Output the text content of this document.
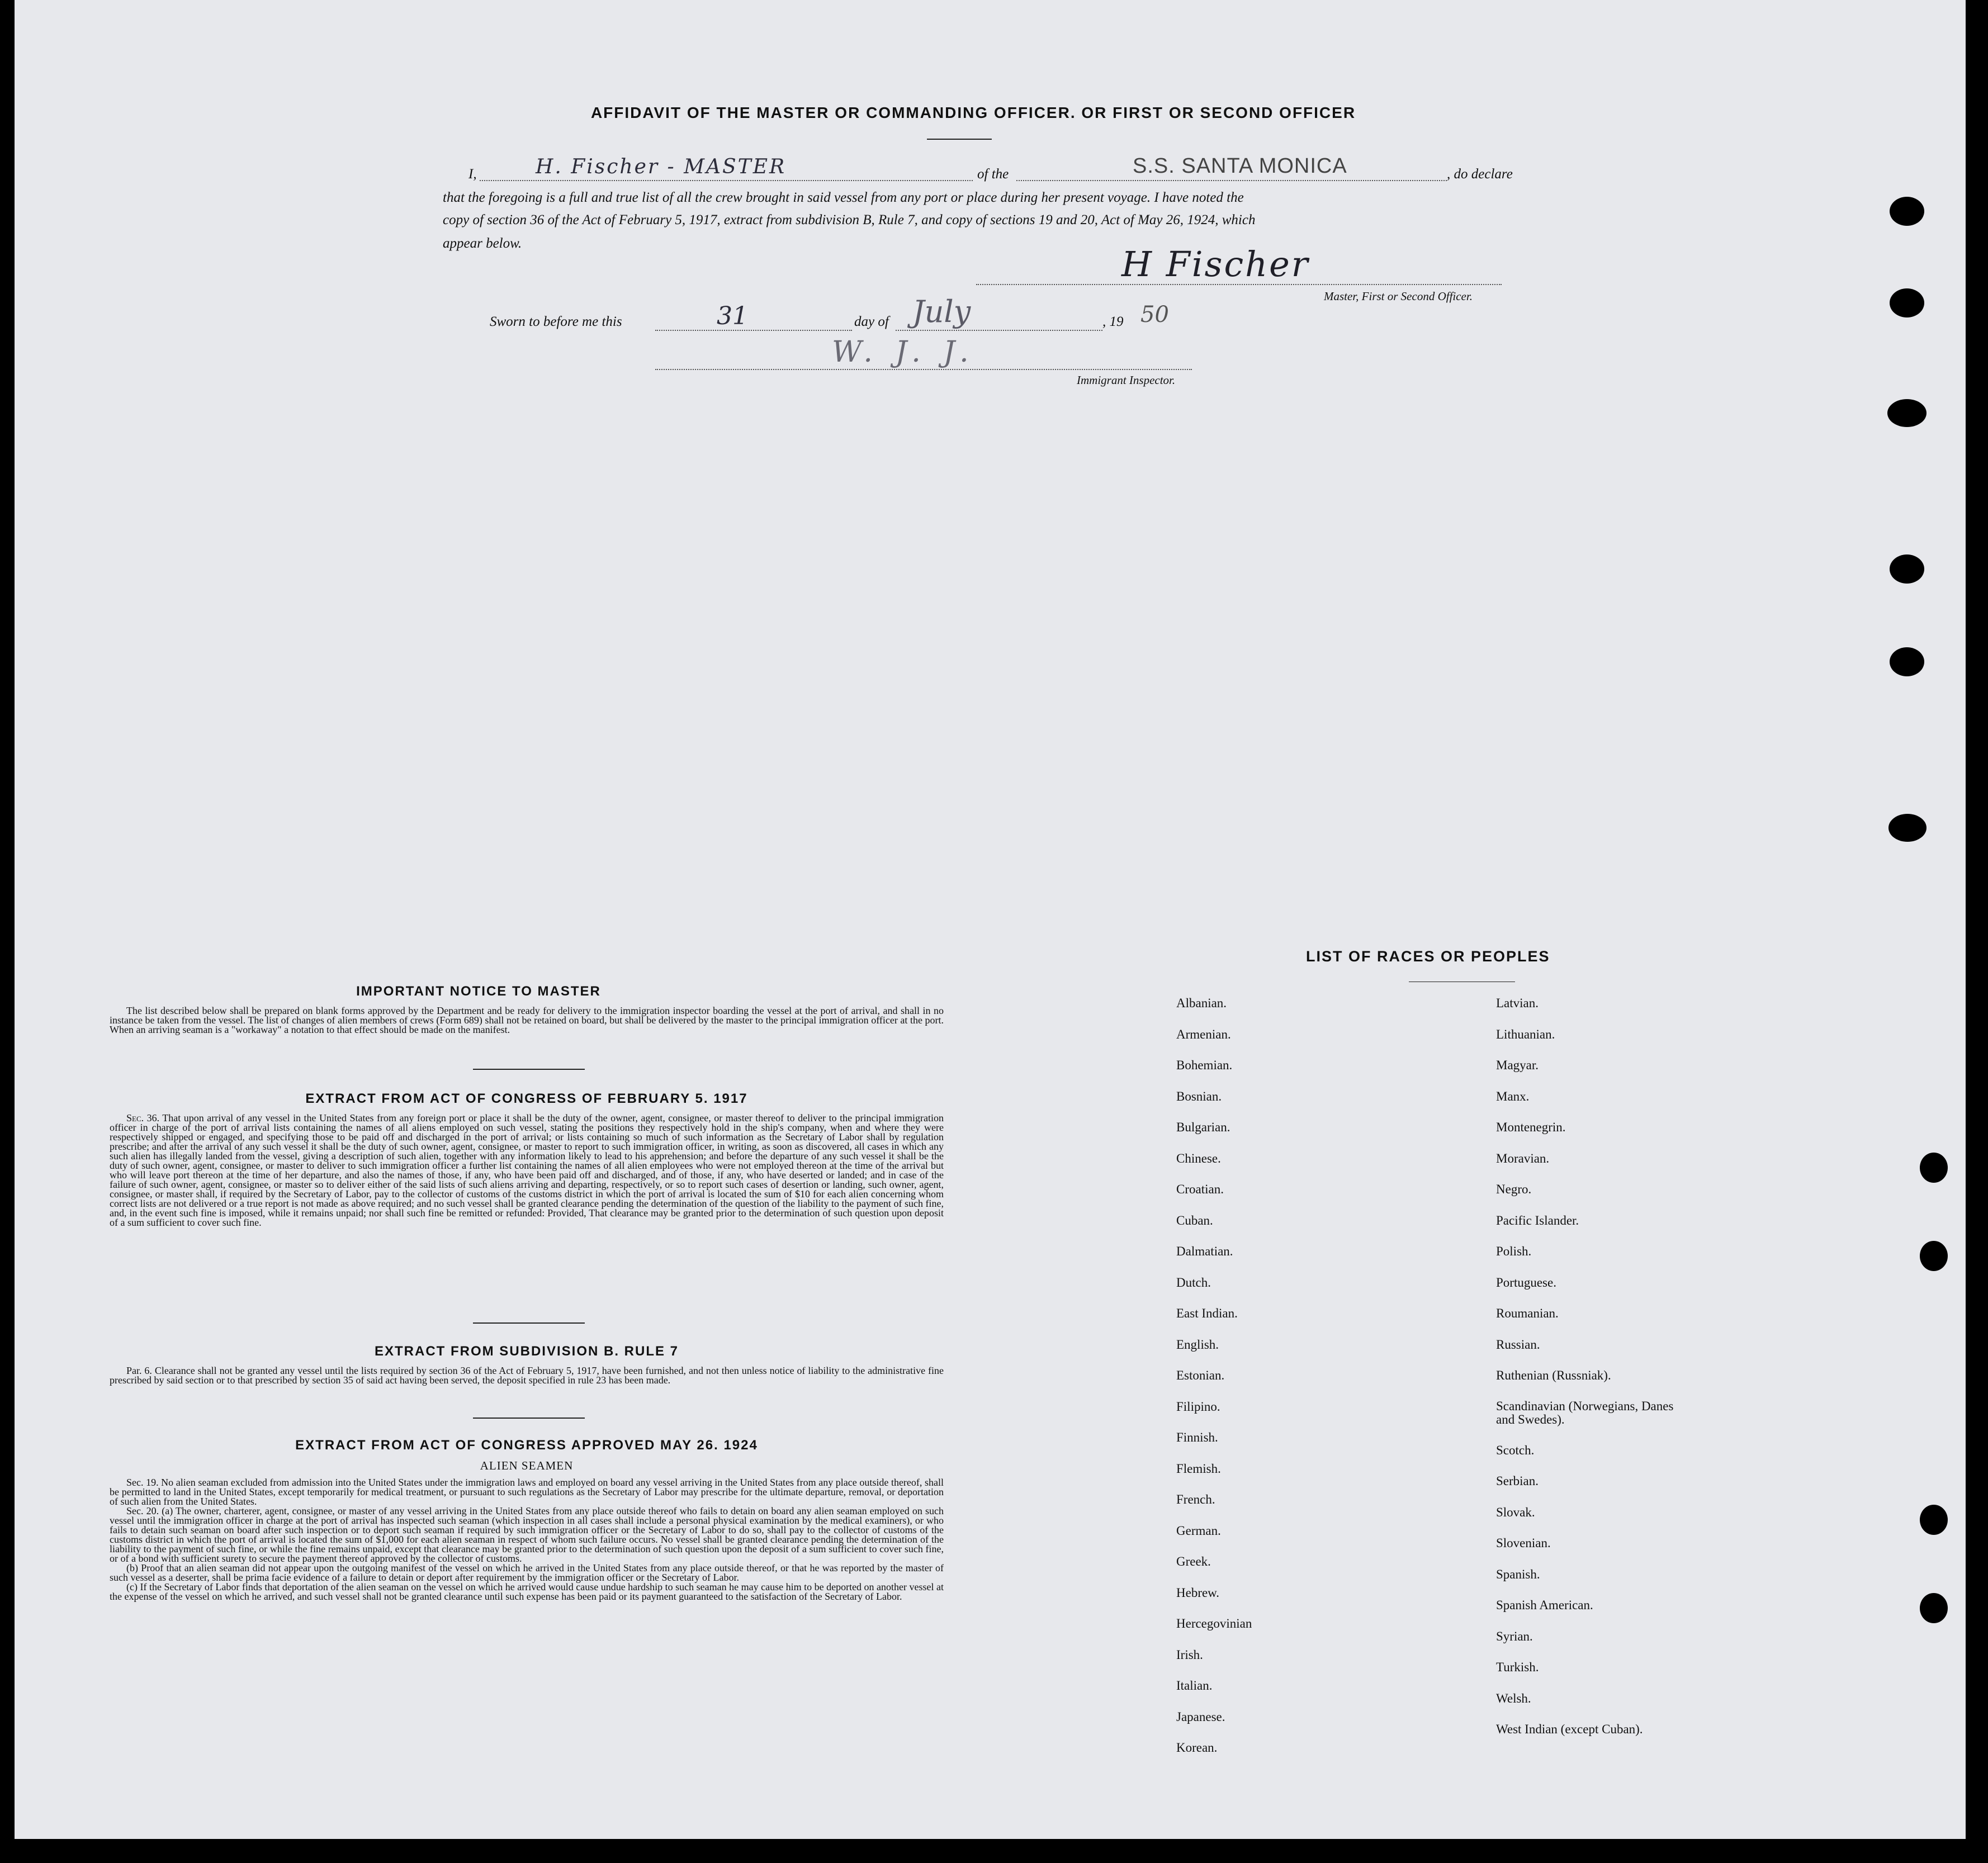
AFFIDAVIT OF THE MASTER OR COMMANDING OFFICER. OR FIRST OR SECOND OFFICER
I,	H. Fischer - MASTER	of the	S.S. SANTA MONICA	, do declare
that the foregoing is a full and true list of all the crew brought in said vessel from any port or place during her present voyage. I have noted the
copy of section 36 of the Act of February 5, 1917, extract from subdivision B, Rule 7, and copy of sections 19 and 20, Act of May 26, 1924, which
appear below.
H Fischer
Master, First or Second Officer.
Sworn to before me this	31	day of July	, 19 50
W. J. J.
Immigrant Inspector.
IMPORTANT NOTICE TO MASTER
The list described below shall be prepared on blank forms approved by the Department and be ready for delivery to the immigration inspector boarding the vessel at the port of arrival, and shall in no instance be taken from the vessel. The list of changes of alien members of crews (Form 689) shall not be retained on board, but shall be delivered by the master to the principal immigration officer at the port. When an arriving seaman is a "workaway" a notation to that effect should be made on the manifest.
EXTRACT FROM ACT OF CONGRESS OF FEBRUARY 5. 1917
Sec. 36. That upon arrival of any vessel in the United States from any foreign port or place it shall be the duty of the owner, agent, consignee, or master thereof to deliver to the principal immigration officer in charge of the port of arrival lists containing the names of all aliens employed on such vessel, stating the positions they respectively hold in the ship's company, when and where they were respectively shipped or engaged, and specifying those to be paid off and discharged in the port of arrival; or lists containing so much of such information as the Secretary of Labor shall by regulation prescribe; and after the arrival of any such vessel it shall be the duty of such owner, agent, consignee, or master to report to such immigration officer, in writing, as soon as discovered, all cases in which any such alien has illegally landed from the vessel, giving a description of such alien, together with any information likely to lead to his apprehension; and before the departure of any such vessel it shall be the duty of such owner, agent, consignee, or master to deliver to such immigration officer a further list containing the names of all alien employees who were not employed thereon at the time of the arrival but who will leave port thereon at the time of her departure, and also the names of those, if any, who have been paid off and discharged, and of those, if any, who have deserted or landed; and in case of the failure of such owner, agent, consignee, or master so to deliver either of the said lists of such aliens arriving and departing, respectively, or so to report such cases of desertion or landing, such owner, agent, consignee, or master shall, if required by the Secretary of Labor, pay to the collector of customs of the customs district in which the port of arrival is located the sum of $10 for each alien concerning whom correct lists are not delivered or a true report is not made as above required; and no such vessel shall be granted clearance pending the determination of the question of the liability to the payment of such fine, and, in the event such fine is imposed, while it remains unpaid; nor shall such fine be remitted or refunded: Provided, That clearance may be granted prior to the determination of such question upon deposit of a sum sufficient to cover such fine.
EXTRACT FROM SUBDIVISION B. RULE 7
Par. 6. Clearance shall not be granted any vessel until the lists required by section 36 of the Act of February 5, 1917, have been furnished, and not then unless notice of liability to the administrative fine prescribed by said section or to that prescribed by section 35 of said act having been served, the deposit specified in rule 23 has been made.
EXTRACT FROM ACT OF CONGRESS APPROVED MAY 26. 1924
ALIEN SEAMEN
Sec. 19. No alien seaman excluded from admission into the United States under the immigration laws and employed on board any vessel arriving in the United States from any place outside thereof, shall be permitted to land in the United States, except temporarily for medical treatment, or pursuant to such regulations as the Secretary of Labor may prescribe for the ultimate departure, removal, or deportation of such alien from the United States.
Sec. 20. (a) The owner, charterer, agent, consignee, or master of any vessel arriving in the United States from any place outside thereof who fails to detain on board any alien seaman employed on such vessel until the immigration officer in charge at the port of arrival has inspected such seaman (which inspection in all cases shall include a personal physical examination by the medical examiners), or who fails to detain such seaman on board after such inspection or to deport such seaman if required by such immigration officer or the Secretary of Labor to do so, shall pay to the collector of customs of the customs district in which the port of arrival is located the sum of $1,000 for each alien seaman in respect of whom such failure occurs. No vessel shall be granted clearance pending the determination of the liability to the payment of such fine, or while the fine remains unpaid, except that clearance may be granted prior to the determination of such question upon the deposit of a sum sufficient to cover such fine, or of a bond with sufficient surety to secure the payment thereof approved by the collector of customs.
(b) Proof that an alien seaman did not appear upon the outgoing manifest of the vessel on which he arrived in the United States from any place outside thereof, or that he was reported by the master of such vessel as a deserter, shall be prima facie evidence of a failure to detain or deport after requirement by the immigration officer or the Secretary of Labor.
(c) If the Secretary of Labor finds that deportation of the alien seaman on the vessel on which he arrived would cause undue hardship to such seaman he may cause him to be deported on another vessel at the expense of the vessel on which he arrived, and such vessel shall not be granted clearance until such expense has been paid or its payment guaranteed to the satisfaction of the Secretary of Labor.
LIST OF RACES OR PEOPLES
Albanian.
Armenian.
Bohemian.
Bosnian.
Bulgarian.
Chinese.
Croatian.
Cuban.
Dalmatian.
Dutch.
East Indian.
English.
Estonian.
Filipino.
Finnish.
Flemish.
French.
German.
Greek.
Hebrew.
Hercegovinian
Irish.
Italian.
Japanese.
Korean.
Latvian.
Lithuanian.
Magyar.
Manx.
Montenegrin.
Moravian.
Negro.
Pacific Islander.
Polish.
Portuguese.
Roumanian.
Russian.
Ruthenian (Russniak).
Scandinavian (Norwegians, Danes and Swedes).
Scotch.
Serbian.
Slovak.
Slovenian.
Spanish.
Spanish American.
Syrian.
Turkish.
Welsh.
West Indian (except Cuban).
